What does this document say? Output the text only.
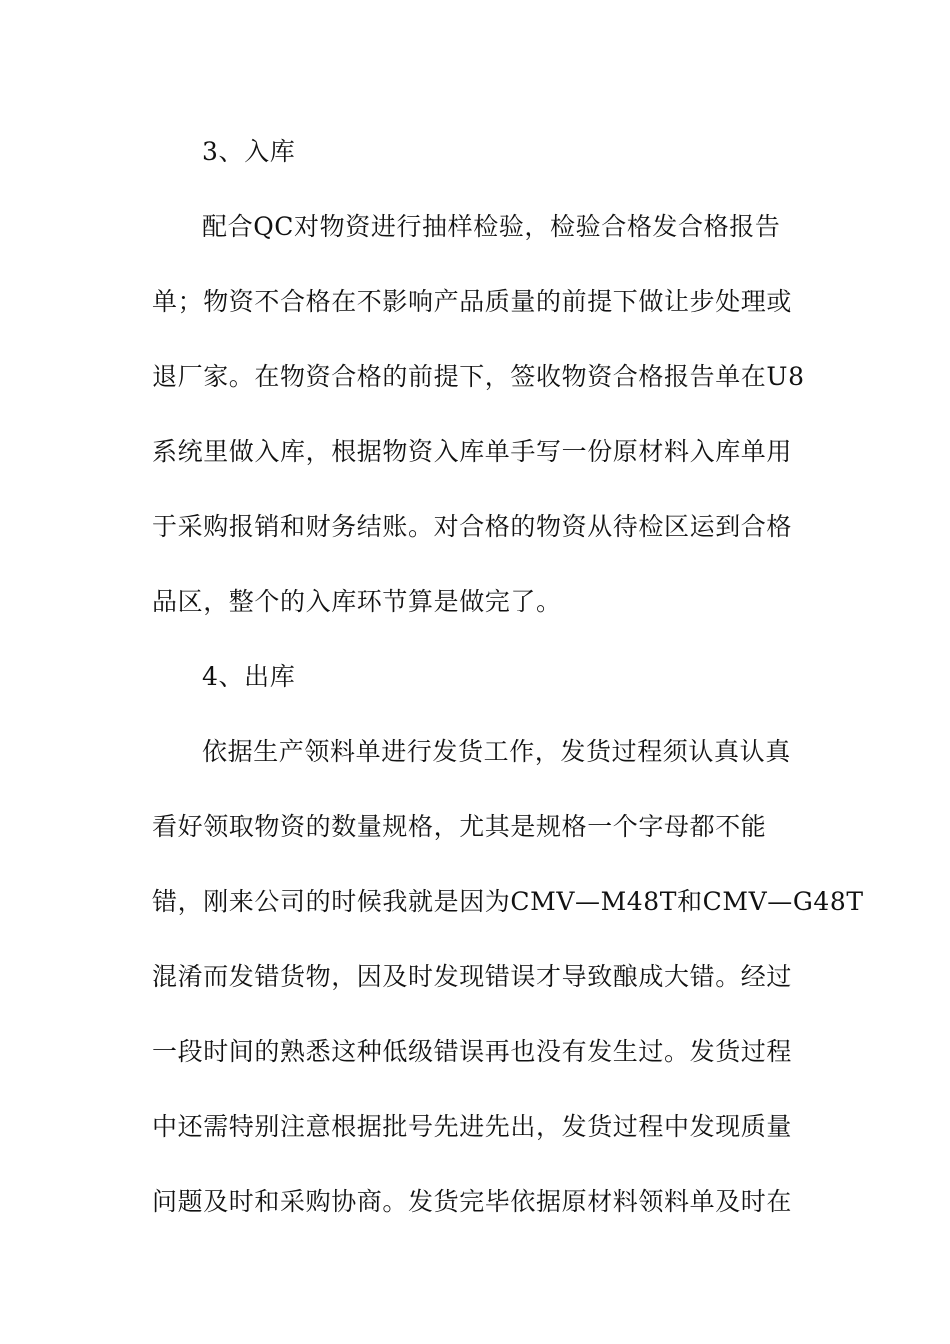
3、入库
配合QC对物资进行抽样检验，检验合格发合格报告
单；物资不合格在不影响产品质量的前提下做让步处理或
退厂家。在物资合格的前提下，签收物资合格报告单在U8
系统里做入库，根据物资入库单手写一份原材料入库单用
于采购报销和财务结账。对合格的物资从待检区运到合格
品区，整个的入库环节算是做完了。
4、出库
依据生产领料单进行发货工作，发货过程须认真认真
看好领取物资的数量规格，尤其是规格一个字母都不能
错，刚来公司的时候我就是因为CMV—M48T和CMV—G48T
混淆而发错货物，因及时发现错误才导致酿成大错。经过
一段时间的熟悉这种低级错误再也没有发生过。发货过程
中还需特别注意根据批号先进先出，发货过程中发现质量
问题及时和采购协商。发货完毕依据原材料领料单及时在
